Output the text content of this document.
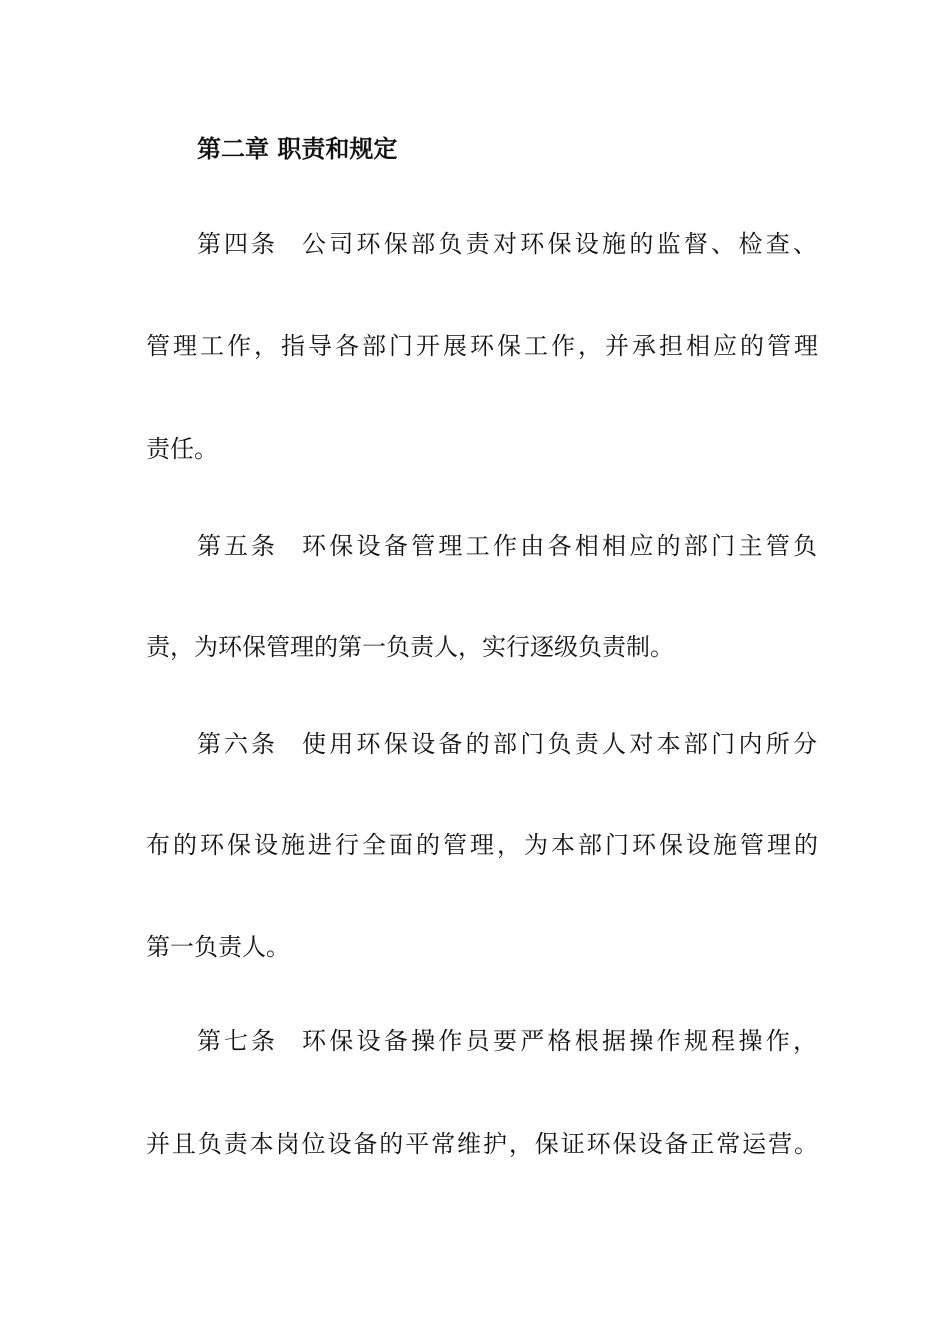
第二章 职责和规定
第四条 公司环保部负责对环保设施的监督、检查、
管理工作，指导各部门开展环保工作，并承担相应的管理
责任。
第五条 环保设备管理工作由各相相应的部门主管负
责，为环保管理的第一负责人，实行逐级负责制。
第六条 使用环保设备的部门负责人对本部门内所分
布的环保设施进行全面的管理，为本部门环保设施管理的
第一负责人。
第七条 环保设备操作员要严格根据操作规程操作，
并且负责本岗位设备的平常维护，保证环保设备正常运营。
